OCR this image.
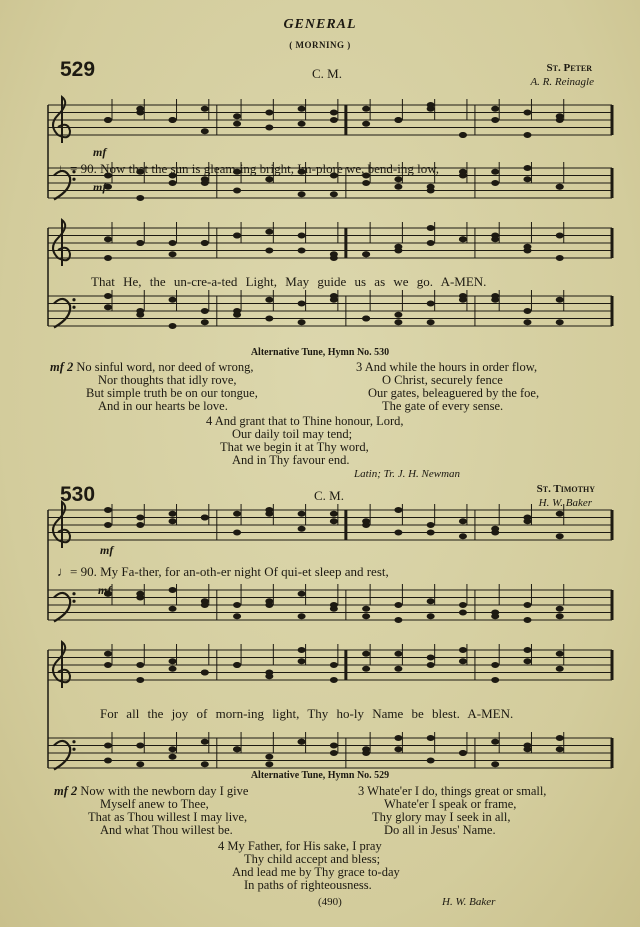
GENERAL
( MORNING )
529	C. M.	St. Peter
A. R. Reinagle
mf
♩= 90. Now that the sun is gleam-ing bright, Im-plore we, bend-ing low,
mf
That He, the un-cre-a-ted Light, May guide us as we go. A-MEN.
Alternative Tune, Hymn No. 530
mf 2 No sinful word, nor deed of wrong,
Nor thoughts that idly rove,
But simple truth be on our tongue,
And in our hearts be love.
3 And while the hours in order flow,
O Christ, securely fence
Our gates, beleaguered by the foe,
The gate of every sense.
4 And grant that to Thine honour, Lord,
Our daily toil may tend;
That we begin it at Thy word,
And in Thy favour end.
Latin; Tr. J. H. Newman
530	C. M.	St. Timothy
H. W. Baker
mf
♩= 90. My Fa-ther, for an-oth-er night Of qui-et sleep and rest,
mf
For all the joy of morn-ing light, Thy ho-ly Name be blest. A-MEN.
Alternative Tune, Hymn No. 529
mf 2 Now with the newborn day I give
Myself anew to Thee,
That as Thou willest I may live,
And what Thou willest be.
3 Whate'er I do, things great or small,
Whate'er I speak or frame,
Thy glory may I seek in all,
Do all in Jesus' Name.
4 My Father, for His sake, I pray
Thy child accept and bless;
And lead me by Thy grace to-day
In paths of righteousness.
(490)	H. W. Baker
